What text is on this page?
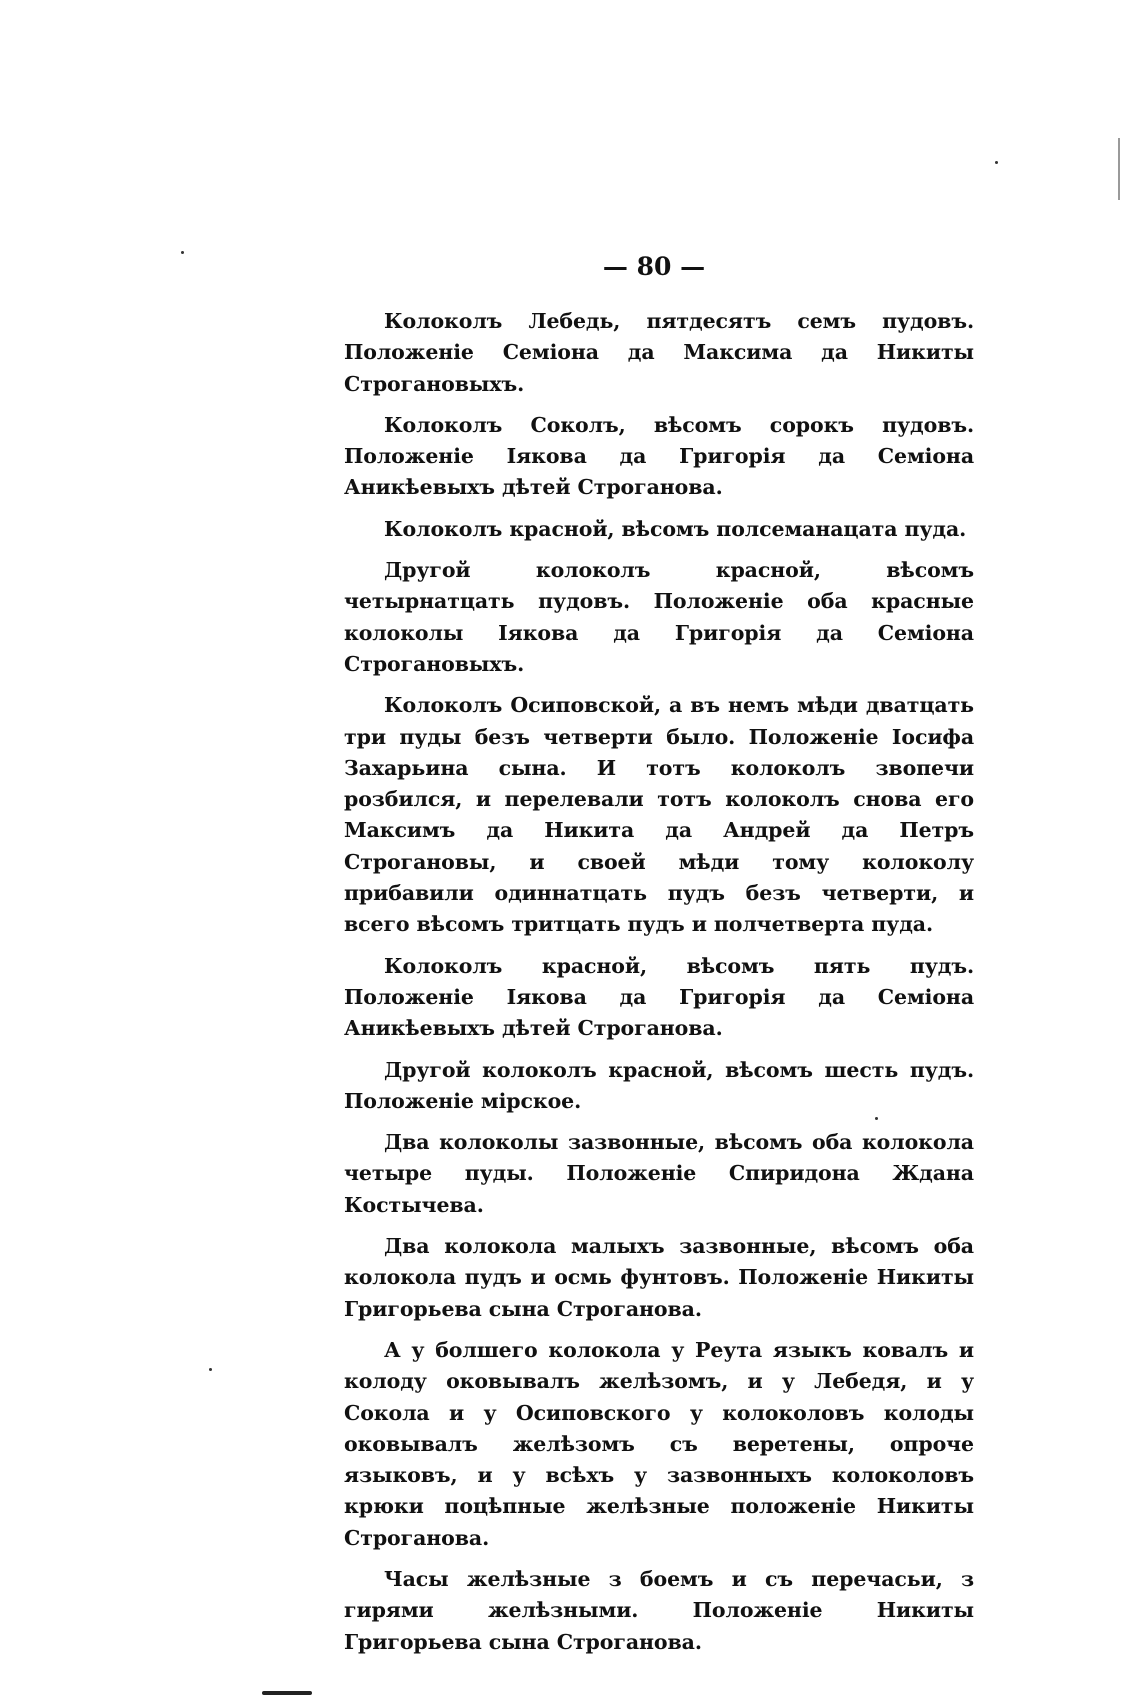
— 80 —

Колоколъ Лебедь, пятдесятъ семъ пудовъ. Положеніе Семіона да Максима да Никиты Строгановыхъ.

Колоколъ Соколъ, вѣсомъ сорокъ пудовъ. Положеніе Іякова да Григорія да Семіона Аникѣевыхъ дѣтей Строганова.

Колоколъ красной, вѣсомъ полсеманацата пуда.

Другой колоколъ красной, вѣсомъ четырнатцать пудовъ. Положеніе оба красные колоколы Іякова да Григорія да Семіона Строгановыхъ.

Колоколъ Осиповской, а въ немъ мѣди дватцать три пуды безъ четверти было. Положеніе Іосифа Захарьина сына. И тотъ колоколъ звопечи розбился, и перелевали тотъ колоколъ снова его Максимъ да Никита да Андрей да Петръ Строгановы, и своей мѣди тому колоколу прибавили одиннатцать пудъ безъ четверти, и всего вѣсомъ тритцать пудъ и полчетверта пуда.

Колоколъ красной, вѣсомъ пять пудъ. Положеніе Іякова да Григорія да Семіона Аникѣевыхъ дѣтей Строганова.

Другой колоколъ красной, вѣсомъ шесть пудъ. Положеніе мірское.

Два колоколы зазвонные, вѣсомъ оба колокола четыре пуды. Положеніе Спиридона Ждана Костычева.

Два колокола малыхъ зазвонные, вѣсомъ оба колокола пудъ и осмь фунтовъ. Положеніе Никиты Григорьева сына Строганова.

А у болшего колокола у Реута языкъ ковалъ и колоду оковывалъ желѣзомъ, и у Лебедя, и у Сокола и у Осиповского у колоколовъ колоды оковывалъ желѣзомъ съ веретены, опроче языковъ, и у всѣхъ у зазвонныхъ колоколовъ крюки поцѣпные желѣзные положеніе Никиты Строганова.

Часы желѣзные з боемъ и съ перечасьи, з гирями желѣзными. Положеніе Никиты Григорьева сына Строганова.
